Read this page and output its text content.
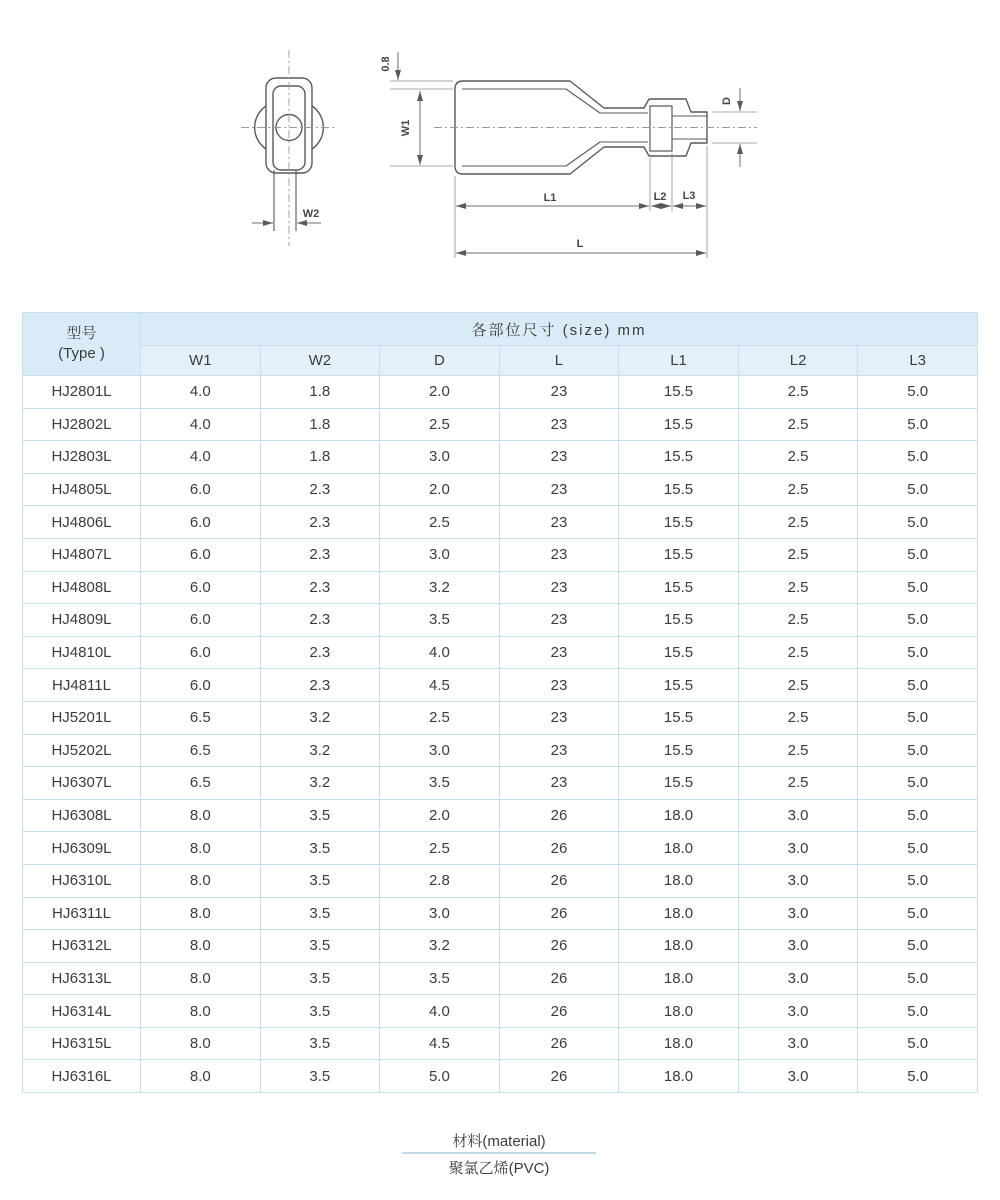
W2
0.8
W1
D
L1	L2 L3
L
型号
(Type )	各部位尺寸 (size) mm						
	W1	W2	D	L	L1	L2	L3
HJ2801L	4.0	1.8	2.0	23	15.5	2.5	5.0
HJ2802L	4.0	1.8	2.5	23	15.5	2.5	5.0
HJ2803L	4.0	1.8	3.0	23	15.5	2.5	5.0
HJ4805L	6.0	2.3	2.0	23	15.5	2.5	5.0
HJ4806L	6.0	2.3	2.5	23	15.5	2.5	5.0
HJ4807L	6.0	2.3	3.0	23	15.5	2.5	5.0
HJ4808L	6.0	2.3	3.2	23	15.5	2.5	5.0
HJ4809L	6.0	2.3	3.5	23	15.5	2.5	5.0
HJ4810L	6.0	2.3	4.0	23	15.5	2.5	5.0
HJ4811L	6.0	2.3	4.5	23	15.5	2.5	5.0
HJ5201L	6.5	3.2	2.5	23	15.5	2.5	5.0
HJ5202L	6.5	3.2	3.0	23	15.5	2.5	5.0
HJ6307L	6.5	3.2	3.5	23	15.5	2.5	5.0
HJ6308L	8.0	3.5	2.0	26	18.0	3.0	5.0
HJ6309L	8.0	3.5	2.5	26	18.0	3.0	5.0
HJ6310L	8.0	3.5	2.8	26	18.0	3.0	5.0
HJ6311L	8.0	3.5	3.0	26	18.0	3.0	5.0
HJ6312L	8.0	3.5	3.2	26	18.0	3.0	5.0
HJ6313L	8.0	3.5	3.5	26	18.0	3.0	5.0
HJ6314L	8.0	3.5	4.0	26	18.0	3.0	5.0
HJ6315L	8.0	3.5	4.5	26	18.0	3.0	5.0
HJ6316L	8.0	3.5	5.0	26	18.0	3.0	5.0
材料(material)
聚氯乙烯(PVC)
